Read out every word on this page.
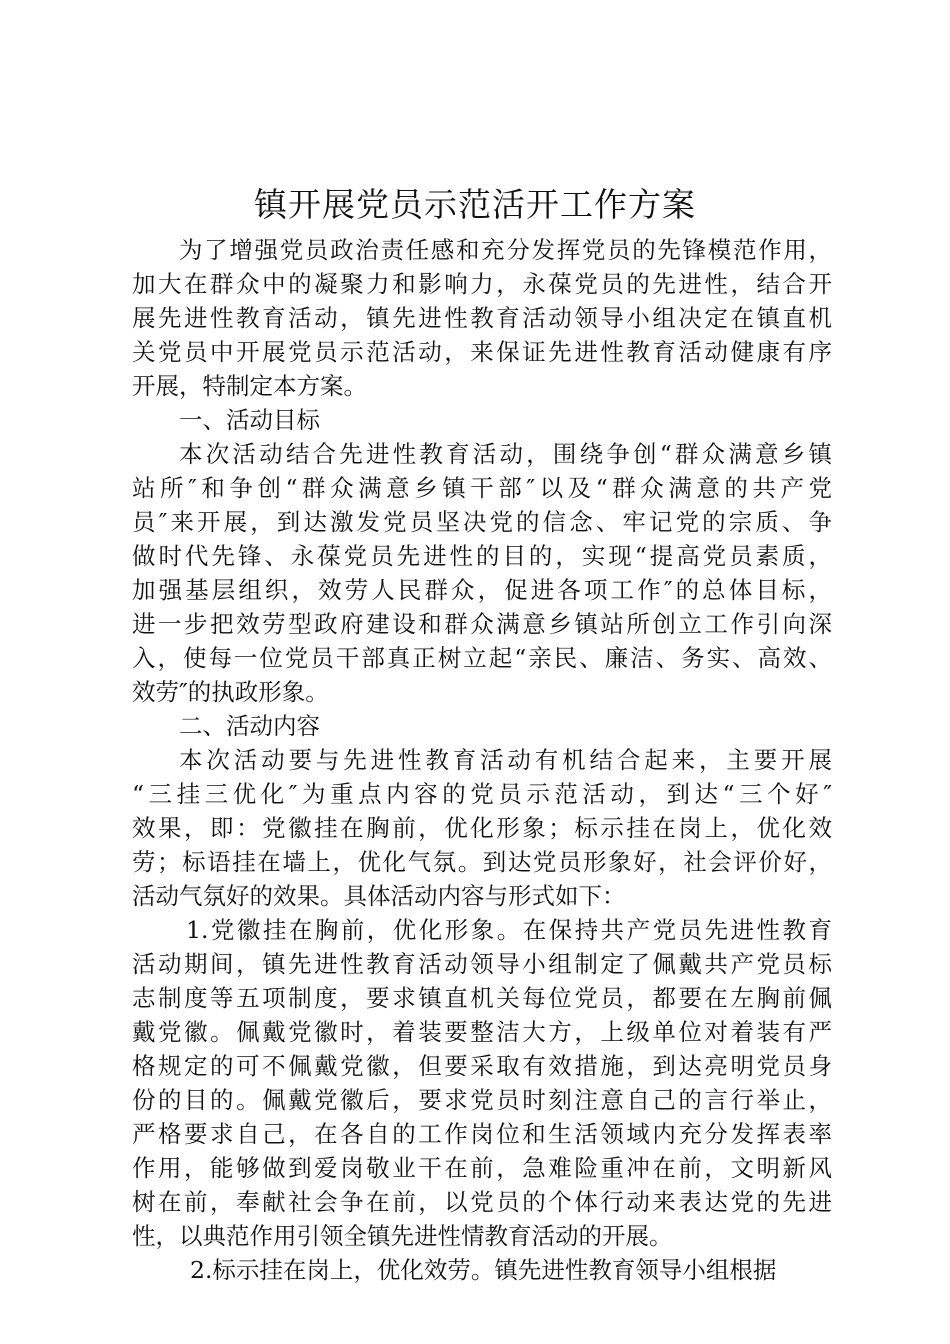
镇开展党员示范活开工作方案
为了增强党员政治责任感和充分发挥党员的先锋模范作用，
加大在群众中的凝聚力和影响力，永葆党员的先进性，结合开
展先进性教育活动，镇先进性教育活动领导小组决定在镇直机
关党员中开展党员示范活动，来保证先进性教育活动健康有序
开展，特制定本方案。
一、活动目标
本次活动结合先进性教育活动，围绕争创“群众满意乡镇
站所″和争创“群众满意乡镇干部″以及“群众满意的共产党
员″来开展，到达激发党员坚决党的信念、牢记党的宗质、争
做时代先锋、永葆党员先进性的目的，实现“提高党员素质，
加强基层组织，效劳人民群众，促进各项工作″的总体目标，
进一步把效劳型政府建设和群众满意乡镇站所创立工作引向深
入，使每一位党员干部真正树立起“亲民、廉洁、务实、高效、
效劳″的执政形象。
二、活动内容
本次活动要与先进性教育活动有机结合起来，主要开展
“三挂三优化″为重点内容的党员示范活动，到达“三个好″
效果，即：党徽挂在胸前，优化形象；标示挂在岗上，优化效
劳；标语挂在墙上，优化气氛。到达党员形象好，社会评价好，
活动气氛好的效果。具体活动内容与形式如下：
1.党徽挂在胸前，优化形象。在保持共产党员先进性教育
活动期间，镇先进性教育活动领导小组制定了佩戴共产党员标
志制度等五项制度，要求镇直机关每位党员，都要在左胸前佩
戴党徽。佩戴党徽时，着装要整洁大方，上级单位对着装有严
格规定的可不佩戴党徽，但要采取有效措施，到达亮明党员身
份的目的。佩戴党徽后，要求党员时刻注意自己的言行举止，
严格要求自己，在各自的工作岗位和生活领域内充分发挥表率
作用，能够做到爱岗敬业干在前，急难险重冲在前，文明新风
树在前，奉献社会争在前，以党员的个体行动来表达党的先进
性，以典范作用引领全镇先进性情教育活动的开展。
2.标示挂在岗上，优化效劳。镇先进性教育领导小组根据
